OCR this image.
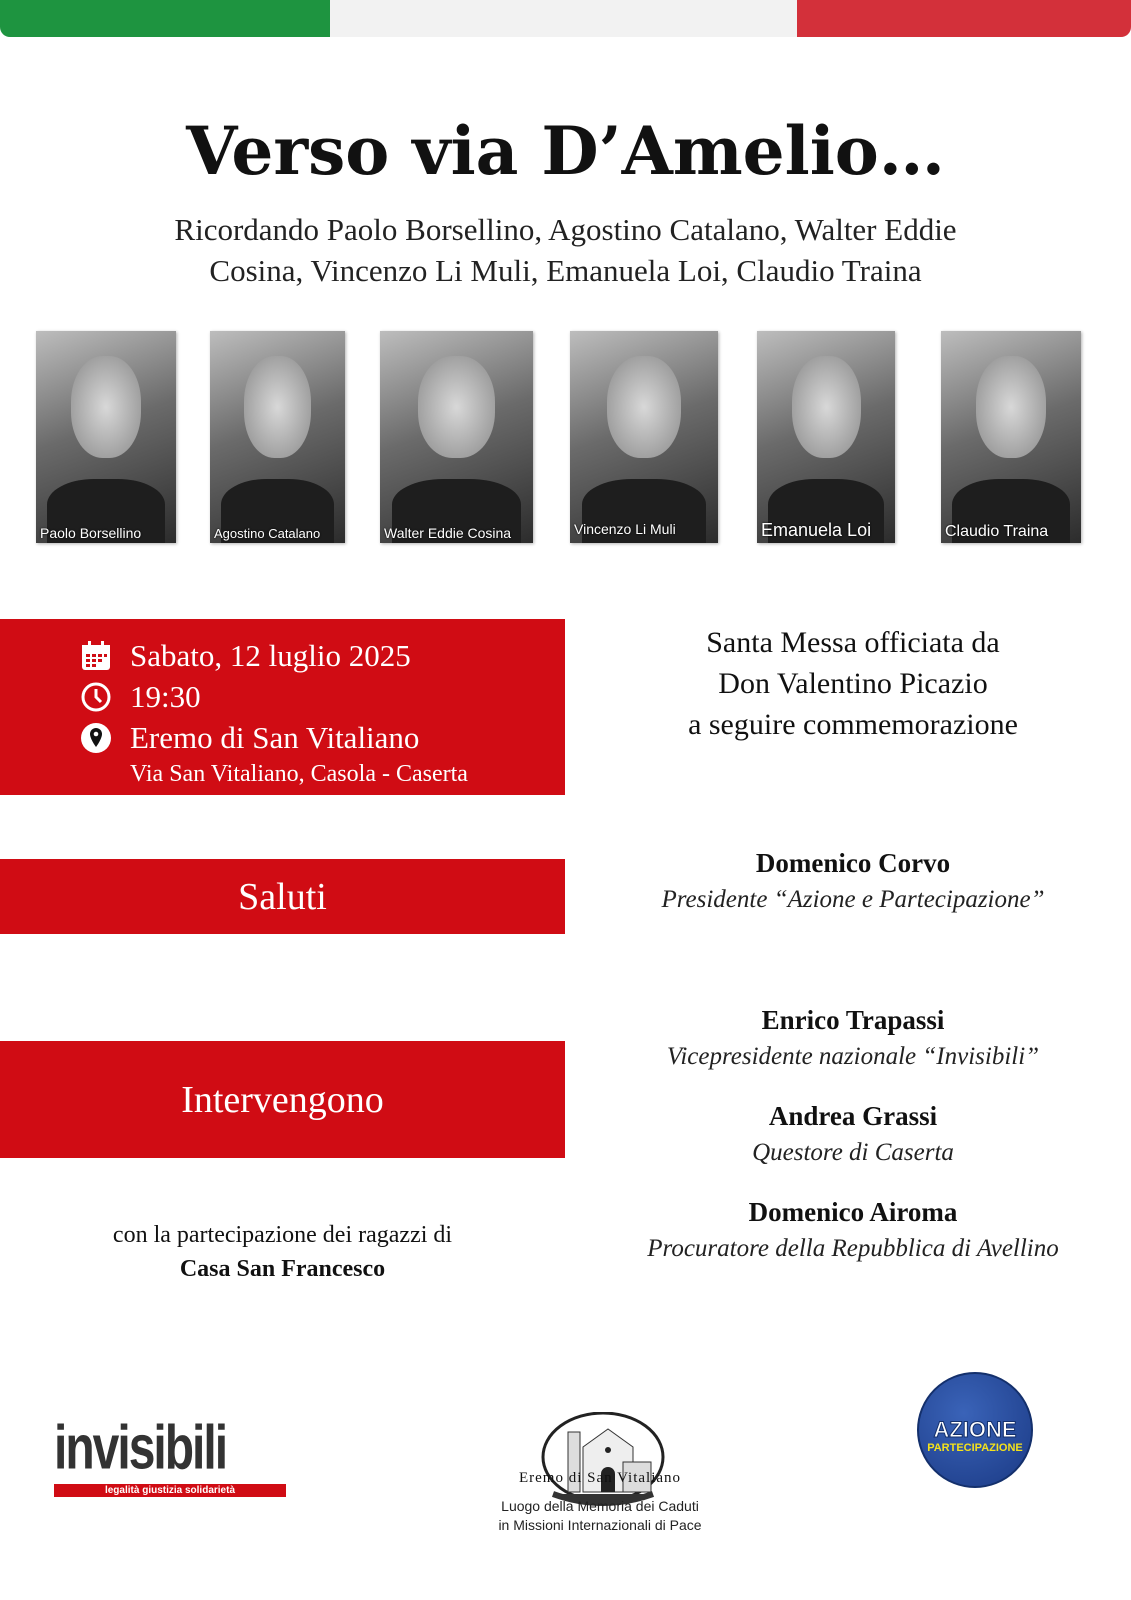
Verso via D’Amelio…
Ricordando Paolo Borsellino, Agostino Catalano, Walter Eddie
Cosina, Vincenzo Li Muli, Emanuela Loi, Claudio Traina
Paolo Borsellino	Agostino Catalano	Walter Eddie Cosina	Vincenzo Li Muli	Emanuela Loi	Claudio Traina
Sabato, 12 luglio 2025
19:30
Eremo di San Vitaliano
Via San Vitaliano, Casola - Caserta
Santa Messa officiata da
Don Valentino Picazio
a seguire commemorazione
Saluti
Domenico Corvo
Presidente “Azione e Partecipazione”
Intervengono
Enrico Trapassi
Vicepresidente nazionale “Invisibili”
Andrea Grassi
Questore di Caserta
Domenico Airoma
Procuratore della Repubblica di Avellino
con la partecipazione dei ragazzi di
Casa San Francesco
invisibili
legalità giustizia solidarietà
Eremo di San Vitaliano
Luogo della Memoria dei Caduti
in Missioni Internazionali di Pace
AZIONE
PARTECIPAZIONE
